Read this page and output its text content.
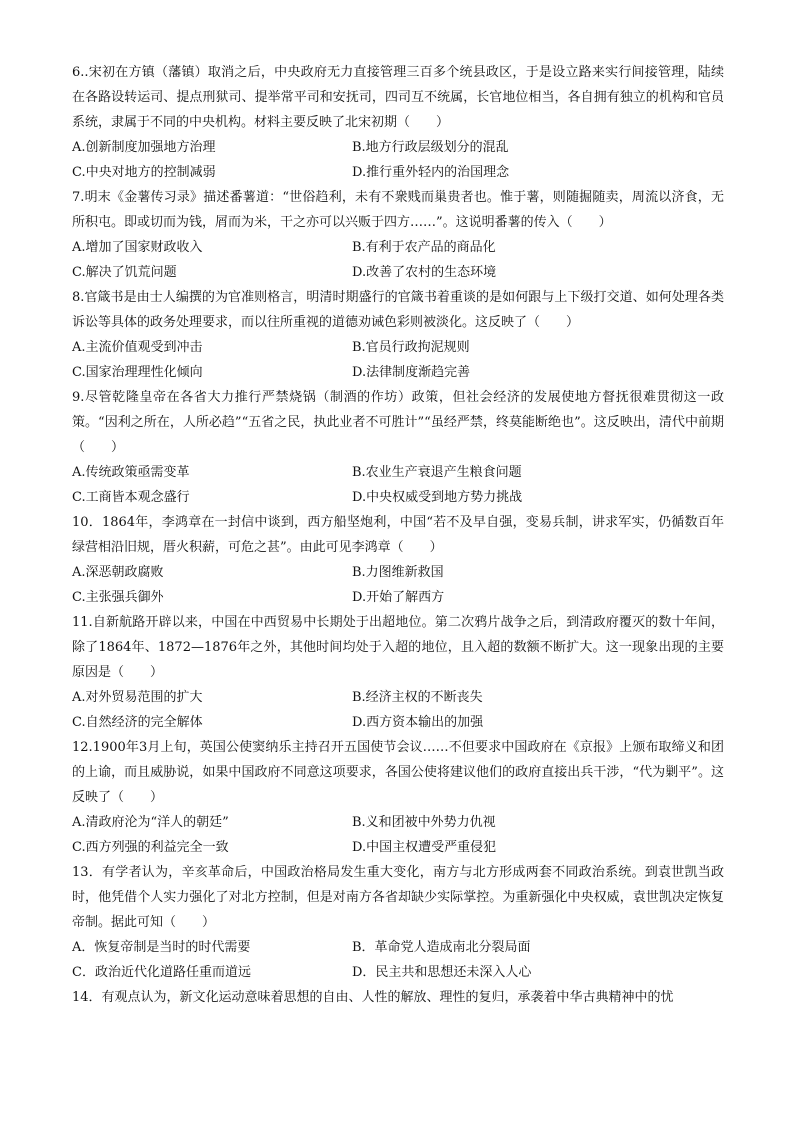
6..宋初在方镇（藩镇）取消之后，中央政府无力直接管理三百多个统县政区，于是设立路来实行间接管理，陆续在各路设转运司、提点刑狱司、提举常平司和安抚司，四司互不统属，长官地位相当，各自拥有独立的机构和官员系统，隶属于不同的中央机构。材料主要反映了北宋初期（　　）

A.创新制度加强地方治理	B.地方行政层级划分的混乱
C.中央对地方的控制减弱	D.推行重外轻内的治国理念

7.明末《金薯传习录》描述番薯道：“世俗趋利，未有不衆贱而巢贵者也。惟于薯，则随掘随卖，周流以济食，无所积屯。即或切而为钱，屑而为米，干之亦可以兴贩于四方……”。这说明番薯的传入（　　）

A.增加了国家财政收入	B.有利于农产品的商品化
C.解决了饥荒问题	D.改善了农村的生态环境

8.官箴书是由士人编撰的为官准则格言，明清时期盛行的官箴书着重谈的是如何跟与上下级打交道、如何处理各类诉讼等具体的政务处理要求，而以往所重视的道德劝诫色彩则被淡化。这反映了（　　）

A.主流价值观受到冲击	B.官员行政拘泥规则
C.国家治理理性化倾向	D.法律制度渐趋完善

9.尽管乾隆皇帝在各省大力推行严禁烧锅（制酒的作坊）政策，但社会经济的发展使地方督抚很难贯彻这一政策。“因利之所在，人所必趋”“五省之民，执此业者不可胜计”“虽经严禁，终莫能断绝也”。这反映出，清代中前期（　　）

A.传统政策亟需变革	B.农业生产衰退产生粮食问题
C.工商皆本观念盛行	D.中央权威受到地方势力挑战

10．1864年，李鸿章在一封信中谈到，西方船坚炮利，中国“若不及早自强，变易兵制，讲求军实，仍循数百年绿营相沿旧规，厝火积薪，可危之甚”。由此可见李鸿章（　　）

A.深恶朝政腐败	B.力图维新救国
C.主张强兵御外	D.开始了解西方

11.自新航路开辟以来，中国在中西贸易中长期处于出超地位。第二次鸦片战争之后，到清政府覆灭的数十年间，除了1864年、1872—1876年之外，其他时间均处于入超的地位，且入超的数额不断扩大。这一现象出现的主要原因是（　　）

A.对外贸易范围的扩大	B.经济主权的不断丧失
C.自然经济的完全解体	D.西方资本输出的加强

12.1900年3月上旬，英国公使窦纳乐主持召开五国使节会议……不但要求中国政府在《京报》上颁布取缔义和团的上谕，而且威胁说，如果中国政府不同意这项要求，各国公使将建议他们的政府直接出兵干涉，“代为剿平”。这反映了（　　）

A.清政府沦为“洋人的朝廷”	B.义和团被中外势力仇视
C.西方列强的利益完全一致	D.中国主权遭受严重侵犯

13．有学者认为，辛亥革命后，中国政治格局发生重大变化，南方与北方形成两套不同政治系统。到袁世凯当政时，他凭借个人实力强化了对北方控制，但是对南方各省却缺少实际掌控。为重新强化中央权威，袁世凯决定恢复帝制。据此可知（　　）

A．恢复帝制是当时的时代需要	B．革命党人造成南北分裂局面
C．政治近代化道路任重而道远	D．民主共和思想还未深入人心

14．有观点认为，新文化运动意味着思想的自由、人性的解放、理性的复归，承袭着中华古典精神中的忧
